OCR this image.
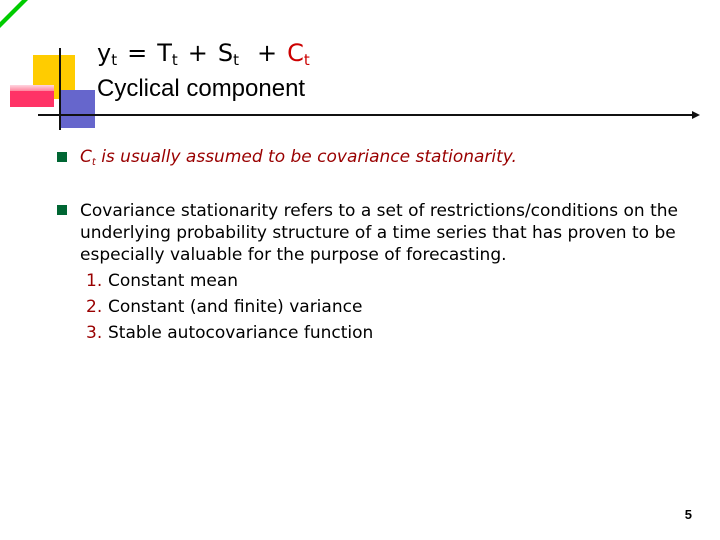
$y_t = T_t + S_t + C_t$
Cyclical component
$C_t$ is usually assumed to be covariance stationarity.
Covariance stationarity refers to a set of restrictions/conditions on the underlying probability structure of a time series that has proven to be especially valuable for the purpose of forecasting.
1. Constant mean
2. Constant (and finite) variance
3. Stable autocovariance function
5
